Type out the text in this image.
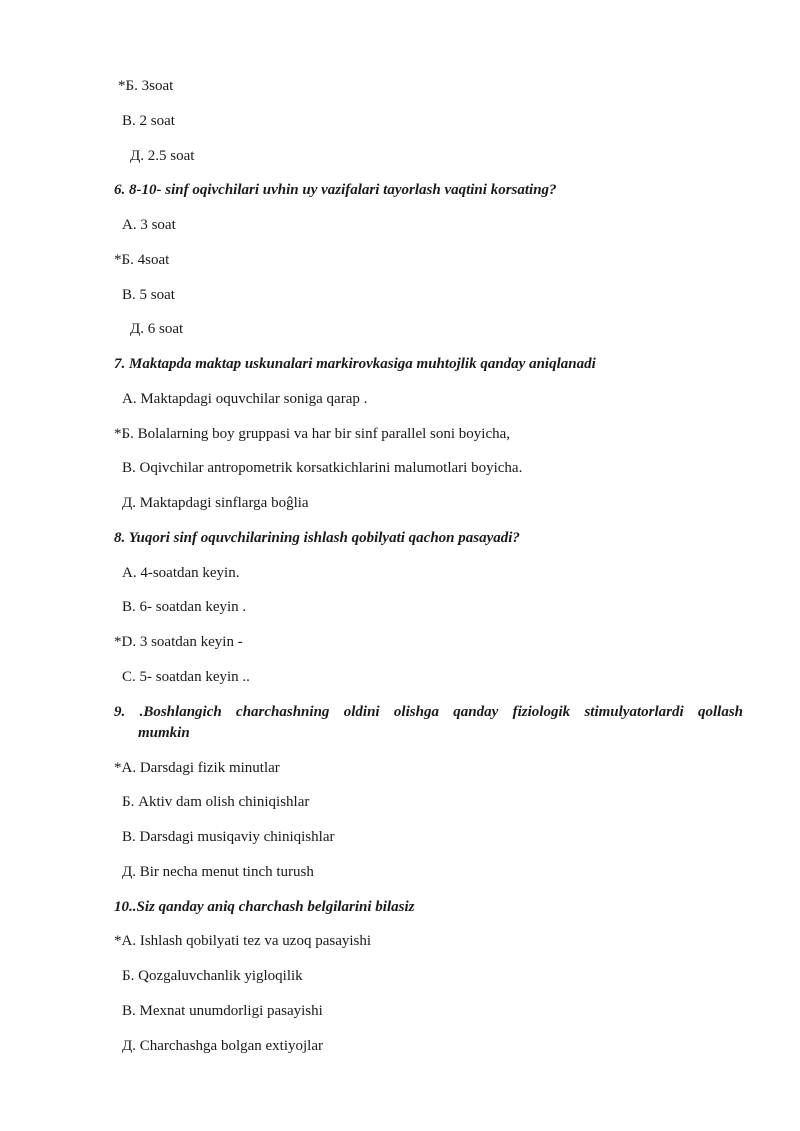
*Б. 3soat
В. 2 soat
Д. 2.5 soat
6. 8-10- sinf oqivchilari uvhin uy vazifalari tayorlash vaqtini korsating?
А. 3 soat
*Б. 4soat
В. 5 soat
Д. 6 soat
7. Maktapda maktap uskunalari markirovkasiga muhtojlik qanday aniqlanadi
А. Maktapdagi oquvchilar soniga qarap .
*Б. Bolalarning boy gruppasi va har bir sinf parallel soni boyicha,
В. Oqivchilar antropometrik korsatkichlarini malumotlari boyicha.
Д. Maktapdagi sinflarga boĝlia
8. Yuqori sinf oquvchilarining ishlash qobilyati qachon pasayadi?
А. 4-soatdan keyin.
В. 6- soatdan keyin .
*D. 3 soatdan keyin -
С. 5- soatdan keyin ..
9. .Boshlangich charchashning oldini olishga qanday fiziologik stimulyatorlardi qollash
mumkin
*А. Darsdagi fizik minutlar
Б. Aktiv dam olish chiniqishlar
В. Darsdagi musiqaviy chiniqishlar
Д. Bir necha menut tinch turush
10..Siz qanday aniq charchash belgilarini bilasiz
*А. Ishlash qobilyati tez va uzoq pasayishi
Б. Qozgaluvchanlik yigloqilik
В. Mexnat unumdorligi pasayishi
Д. Charchashga bolgan extiyojlar
